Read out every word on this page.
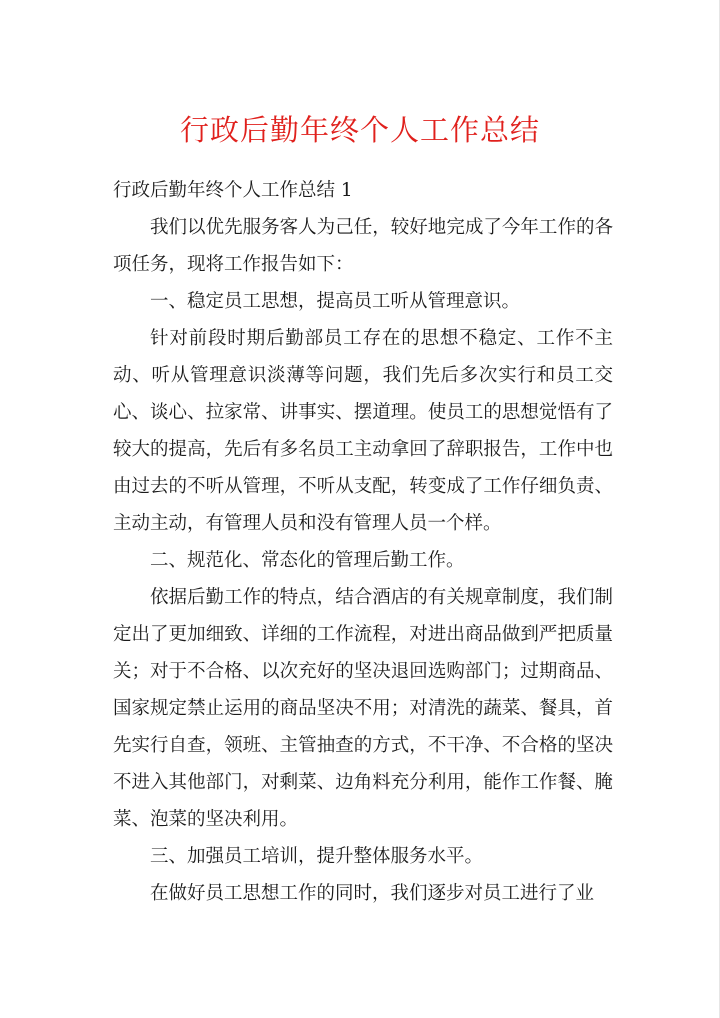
行政后勤年终个人工作总结

行政后勤年终个人工作总结 1

我们以优先服务客人为己任，较好地完成了今年工作的各项任务，现将工作报告如下：

一、稳定员工思想，提高员工听从管理意识。

针对前段时期后勤部员工存在的思想不稳定、工作不主动、听从管理意识淡薄等问题，我们先后多次实行和员工交心、谈心、拉家常、讲事实、摆道理。使员工的思想觉悟有了较大的提高，先后有多名员工主动拿回了辞职报告，工作中也由过去的不听从管理，不听从支配，转变成了工作仔细负责、主动主动，有管理人员和没有管理人员一个样。

二、规范化、常态化的管理后勤工作。

依据后勤工作的特点，结合酒店的有关规章制度，我们制定出了更加细致、详细的工作流程，对进出商品做到严把质量关；对于不合格、以次充好的坚决退回选购部门；过期商品、国家规定禁止运用的商品坚决不用；对清洗的蔬菜、餐具，首先实行自查，领班、主管抽查的方式，不干净、不合格的坚决不进入其他部门，对剩菜、边角料充分利用，能作工作餐、腌菜、泡菜的坚决利用。

三、加强员工培训，提升整体服务水平。

在做好员工思想工作的同时，我们逐步对员工进行了业
